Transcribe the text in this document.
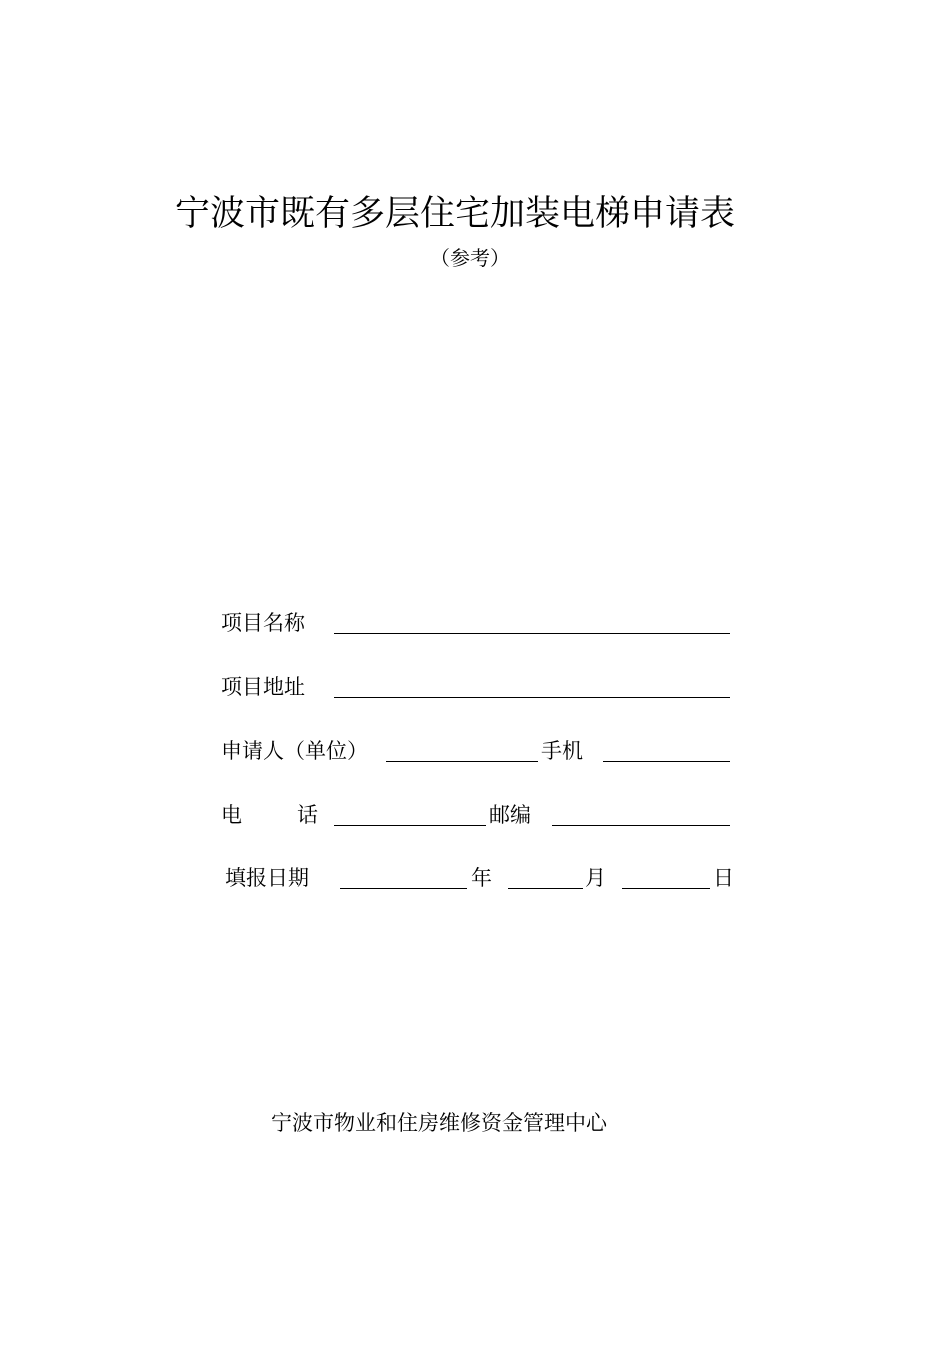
宁波市既有多层住宅加装电梯申请表
（参考）
项目名称
项目地址
申请人（单位）	手机
电	话	邮编
填报日期	年	月	日
宁波市物业和住房维修资金管理中心
